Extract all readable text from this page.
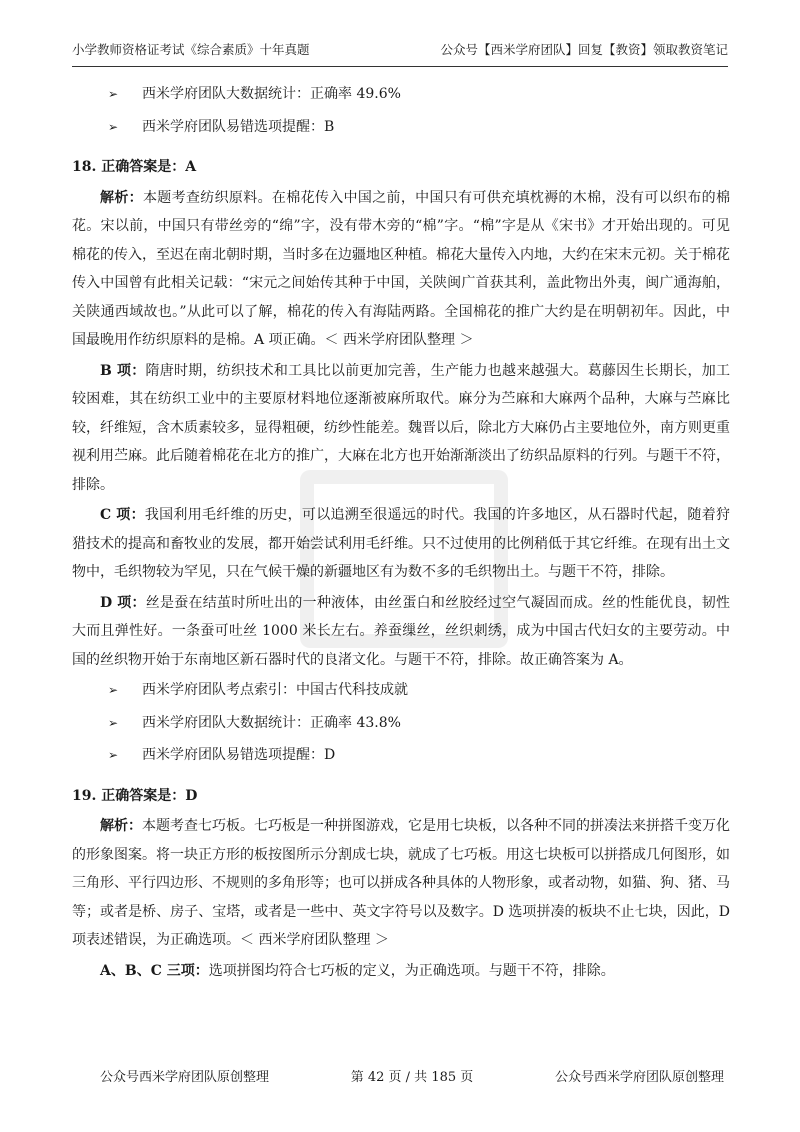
小学教师资格证考试《综合素质》十年真题	公众号【西米学府团队】回复【教资】领取教资笔记
➢	西米学府团队大数据统计：正确率 49.6%
➢	西米学府团队易错选项提醒：B
18. 正确答案是：A

解析：本题考查纺织原料。在棉花传入中国之前，中国只有可供充填枕褥的木棉，没有可以织布的棉花。宋以前，中国只有带丝旁的“绵”字，没有带木旁的“棉”字。“棉”字是从《宋书》才开始出现的。可见棉花的传入，至迟在南北朝时期，当时多在边疆地区种植。棉花大量传入内地，大约在宋末元初。关于棉花传入中国曾有此相关记载：“宋元之间始传其种于中国，关陕闽广首获其利，盖此物出外夷，闽广通海舶，关陕通西域故也。”从此可以了解，棉花的传入有海陆两路。全国棉花的推广大约是在明朝初年。因此，中国最晚用作纺织原料的是棉。A 项正确。＜ 西米学府团队整理 ＞

B 项：隋唐时期，纺织技术和工具比以前更加完善，生产能力也越来越强大。葛藤因生长期长，加工较困难，其在纺织工业中的主要原材料地位逐渐被麻所取代。麻分为苎麻和大麻两个品种，大麻与苎麻比较，纤维短，含木质素较多，显得粗硬，纺纱性能差。魏晋以后，除北方大麻仍占主要地位外，南方则更重视利用苎麻。此后随着棉花在北方的推广，大麻在北方也开始渐渐淡出了纺织品原料的行列。与题干不符，排除。

C 项：我国利用毛纤维的历史，可以追溯至很遥远的时代。我国的许多地区，从石器时代起，随着狩猎技术的提高和畜牧业的发展，都开始尝试利用毛纤维。只不过使用的比例稍低于其它纤维。在现有出土文物中，毛织物较为罕见，只在气候干燥的新疆地区有为数不多的毛织物出土。与题干不符，排除。

D 项：丝是蚕在结茧时所吐出的一种液体，由丝蛋白和丝胶经过空气凝固而成。丝的性能优良，韧性大而且弹性好。一条蚕可吐丝 1000 米长左右。养蚕缫丝，丝织刺绣，成为中国古代妇女的主要劳动。中国的丝织物开始于东南地区新石器时代的良渚文化。与题干不符，排除。故正确答案为 A。

➢	西米学府团队考点索引：中国古代科技成就
➢	西米学府团队大数据统计：正确率 43.8%
➢	西米学府团队易错选项提醒：D
19. 正确答案是：D

解析：本题考查七巧板。七巧板是一种拼图游戏，它是用七块板，以各种不同的拼凑法来拼搭千变万化的形象图案。将一块正方形的板按图所示分割成七块，就成了七巧板。用这七块板可以拼搭成几何图形，如三角形、平行四边形、不规则的多角形等；也可以拼成各种具体的人物形象，或者动物，如猫、狗、猪、马等；或者是桥、房子、宝塔，或者是一些中、英文字符号以及数字。D 选项拼凑的板块不止七块，因此，D 项表述错误，为正确选项。＜ 西米学府团队整理 ＞

A、B、C 三项：选项拼图均符合七巧板的定义，为正确选项。与题干不符，排除。

公众号西米学府团队原创整理	第 42 页 / 共 185 页	公众号西米学府团队原创整理
